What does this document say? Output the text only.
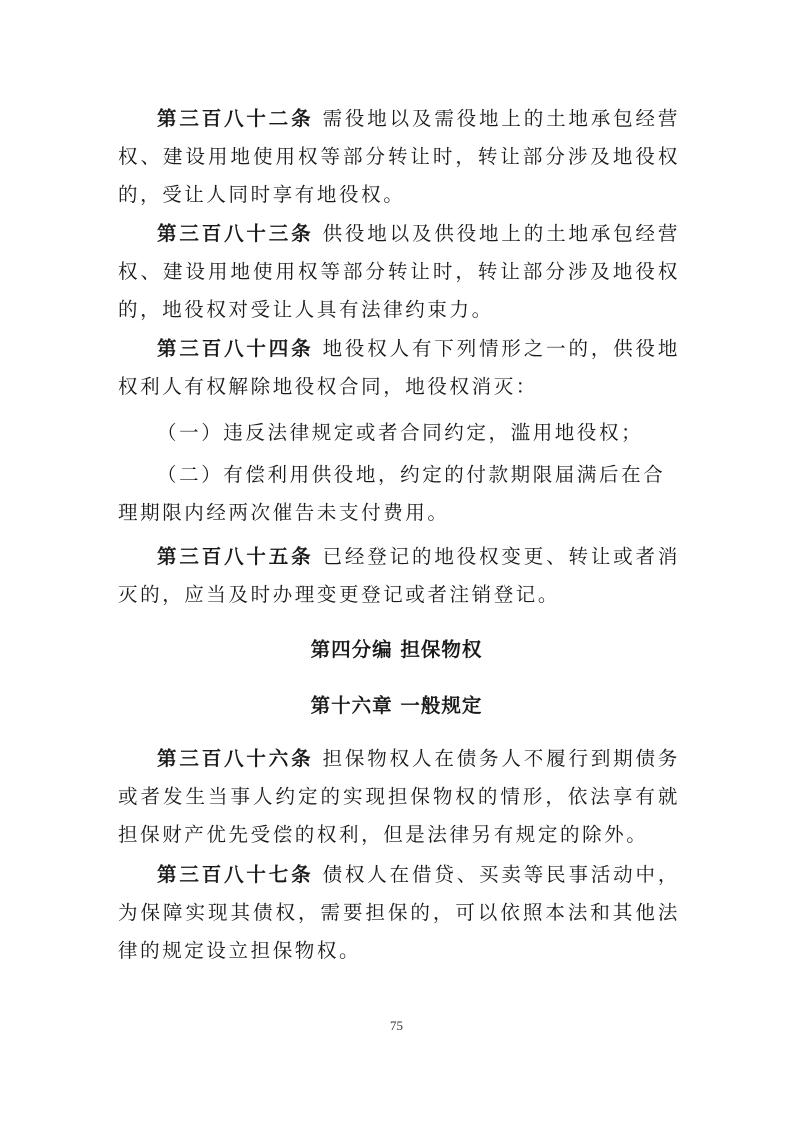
第三百八十二条 需役地以及需役地上的土地承包经营权、建设用地使用权等部分转让时，转让部分涉及地役权的，受让人同时享有地役权。

第三百八十三条 供役地以及供役地上的土地承包经营权、建设用地使用权等部分转让时，转让部分涉及地役权的，地役权对受让人具有法律约束力。

第三百八十四条 地役权人有下列情形之一的，供役地权利人有权解除地役权合同，地役权消灭：

（一）违反法律规定或者合同约定，滥用地役权；

（二）有偿利用供役地，约定的付款期限届满后在合理期限内经两次催告未支付费用。

第三百八十五条 已经登记的地役权变更、转让或者消灭的，应当及时办理变更登记或者注销登记。

第四分编 担保物权
第十六章 一般规定

第三百八十六条 担保物权人在债务人不履行到期债务或者发生当事人约定的实现担保物权的情形，依法享有就担保财产优先受偿的权利，但是法律另有规定的除外。

第三百八十七条 债权人在借贷、买卖等民事活动中，为保障实现其债权，需要担保的，可以依照本法和其他法律的规定设立担保物权。

75
